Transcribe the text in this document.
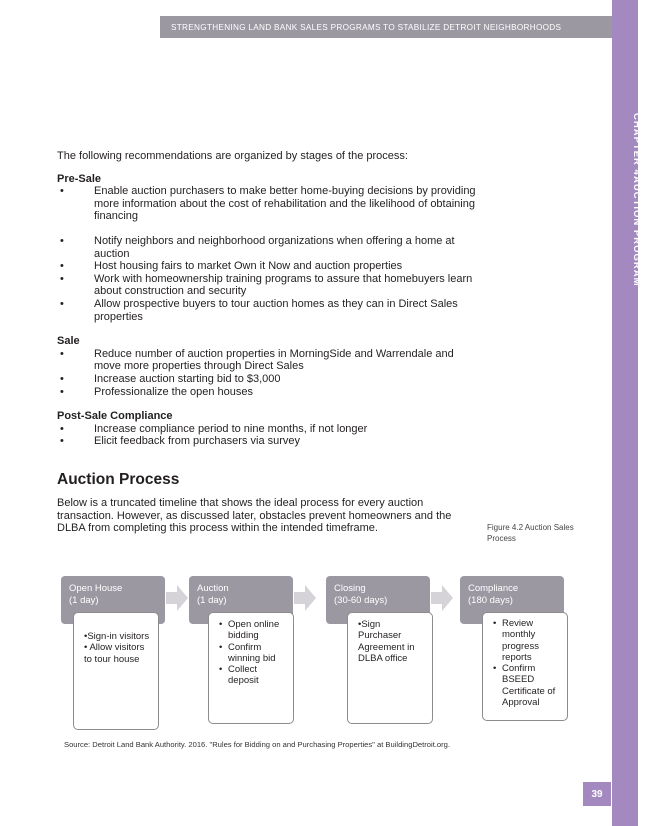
STRENGTHENING LAND BANK SALES PROGRAMS TO STABILIZE DETROIT NEIGHBORHOODS
CHAPTER 4AUCTION PROGRAM
39

The following recommendations are organized by stages of the process:

Pre-Sale

• Enable auction purchasers to make better home-buying decisions by providing more information about the cost of rehabilitation and the likelihood of obtaining financing
• Notify neighbors and neighborhood organizations when offering a home at auction
• Host housing fairs to market Own it Now and auction properties
• Work with homeownership training programs to assure that homebuyers learn about construction and security
• Allow prospective buyers to tour auction homes as they can in Direct Sales properties

Sale

• Reduce number of auction properties in MorningSide and Warrendale and move more properties through Direct Sales
• Increase auction starting bid to $3,000
• Professionalize the open houses

Post-Sale Compliance

• Increase compliance period to nine months, if not longer
• Elicit feedback from purchasers via survey
Auction Process

Below is a truncated timeline that shows the ideal process for every auction transaction. However, as discussed later, obstacles prevent homeowners and the DLBA from completing this process within the intended timeframe.	Figure 4.2 Auction Sales Process

Open House
(1 day)
•Sign-in visitors
• Allow visitors to tour house
Auction
(1 day)
• Open online bidding
• Confirm winning bid
• Collect deposit
Closing
(30-60 days)
•Sign Purchaser Agreement in DLBA office
Compliance
(180 days)
• Review monthly progress reports
• Confirm BSEED Certificate of Approval

Source: Detroit Land Bank Authority. 2016. "Rules for Bidding on and Purchasing Properties" at BuildingDetroit.org.
